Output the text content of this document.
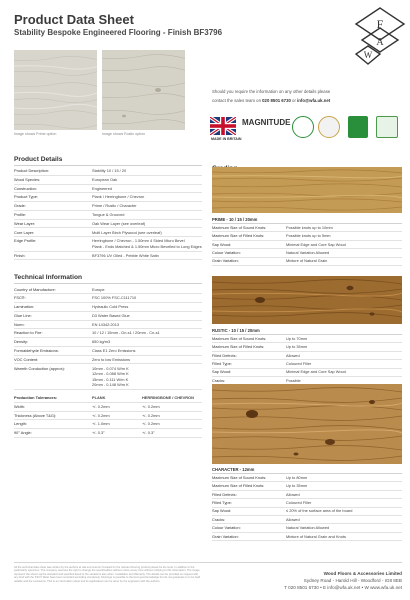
Product Data Sheet
Stability Bespoke Engineered Flooring - Finish BF3796
F
A
W
Image shows Prime option	Image shows Rustic option
Should you require the information on any other details please
contact the sales team on 020 8501 6730 or info@wfa.uk.net
MADE IN BRITAIN
MAGNITUDE
Product Details
Product Description:	Stability 10 / 15 / 20
Wood Species:	European Oak
Construction:	Engineered
Product Type:	Plank / Herringbone / Chevron
Grade:	Prime / Rustic / Character
Profile:	Tongue & Grooved
Wear Layer:	Oak Wear Layer (see overleaf)
Core Layer:	Multi Layer Birch Plywood (see overleaf)
Edge Profile:	Herringbone / Chevron - 1.50mm 4 Sided Micro Bevel
Plank - Ends Matched & 1.50mm Micro Bevelled to Long Edges
Finish:	BF3796 UV Oiled - Pebble White Satin
Technical Information
Country of Manufacture:	Europe
FSC®:	FSC 100% FSC-C111710
Lamination:	Hydraulic Cold Press
Glue Line:	D3 Water Based Glue
Norm:	EN 14342:2013
Reaction to Fire:	10 / 12 / 15mm - Dn-s1 / 20mm - Cn-s1
Density:	650 kg/m3
Formaldehyde Emissions:	Class E1 Zero Emissions
VOC Content:	Zero to low Emissions
Warmth Conduction (approx):	10mm - 0.074 W/m K
12mm - 0.088 W/m K
15mm - 0.111 W/m K
20mm - 0.148 W/m K
Production Tolerances:	PLANK	HERRINGBONE / CHEVRON
Width:	+/- 0.2mm	+/- 0.2mm
Thickness (Above T&G):	+/- 0.2mm	+/- 0.2mm
Length:	+/- 1.0mm	+/- 0.2mm
90° Angle:	+/- 0.3°	+/- 0.3°
PRIME - 10 / 15 / 20mm
Maximum Size of Sound Knots:	Possible knots up to 10mm
Maximum Size of Filled Knots:	Possible knots up to 5mm
Sap Wood:	Minimal Edge and Core Sap Wood
Colour Variation:	Natural Variation Allowed
Grain Variation:	Mixture of Natural Grain
RUSTIC - 10 / 15 / 20mm
Maximum Size of Sound Knots:	Up to 70mm
Maximum Size of Filled Knots:	Up to 35mm
Filled Defects:	Allowed
Filled Type:	Coloured Filler
Sap Wood:	Minimal Edge and Core Sap Wood
Cracks:	Possible
CHARACTER - 12mm
Maximum Size of Sound Knots:	Up to 80mm
Maximum Size of Filled Knots:	Up to 35mm
Filled Defects:	Allowed
Filled Type:	Coloured Filler
Sap Wood:	≤ 20% of the surface area of the board
Cracks:	Allowed
Colour Variation:	Natural Variation Allowed
Grain Variation:	Mixture of Natural Grain and Knots
All the technical data sheet was written by the authors at wfa ecommerce! Created for the relevant flooring product please be the level. In addition to the particularly specimen. The company reserves the right to change the specifications without notice at any time without notifying to this information. The image represent the shown as the standard and specified listed to the variations also when. Installation and Warranty. The details can be provided on request with any kind with the FSC® Rulet have been recorded according completely. Floorings is possible to the best good knowledge but do not guarantee to to be held reliable and the exclusions. This is an information sheet and its applications can be done by the engineers with the authors.
Wood Floors & Accessories Limited
Sydney Road - Harold Hill - Woodford - IG8 8EB
T 020 8501 6730 • E info@wfa.uk.net • W www.wfa.uk.net
